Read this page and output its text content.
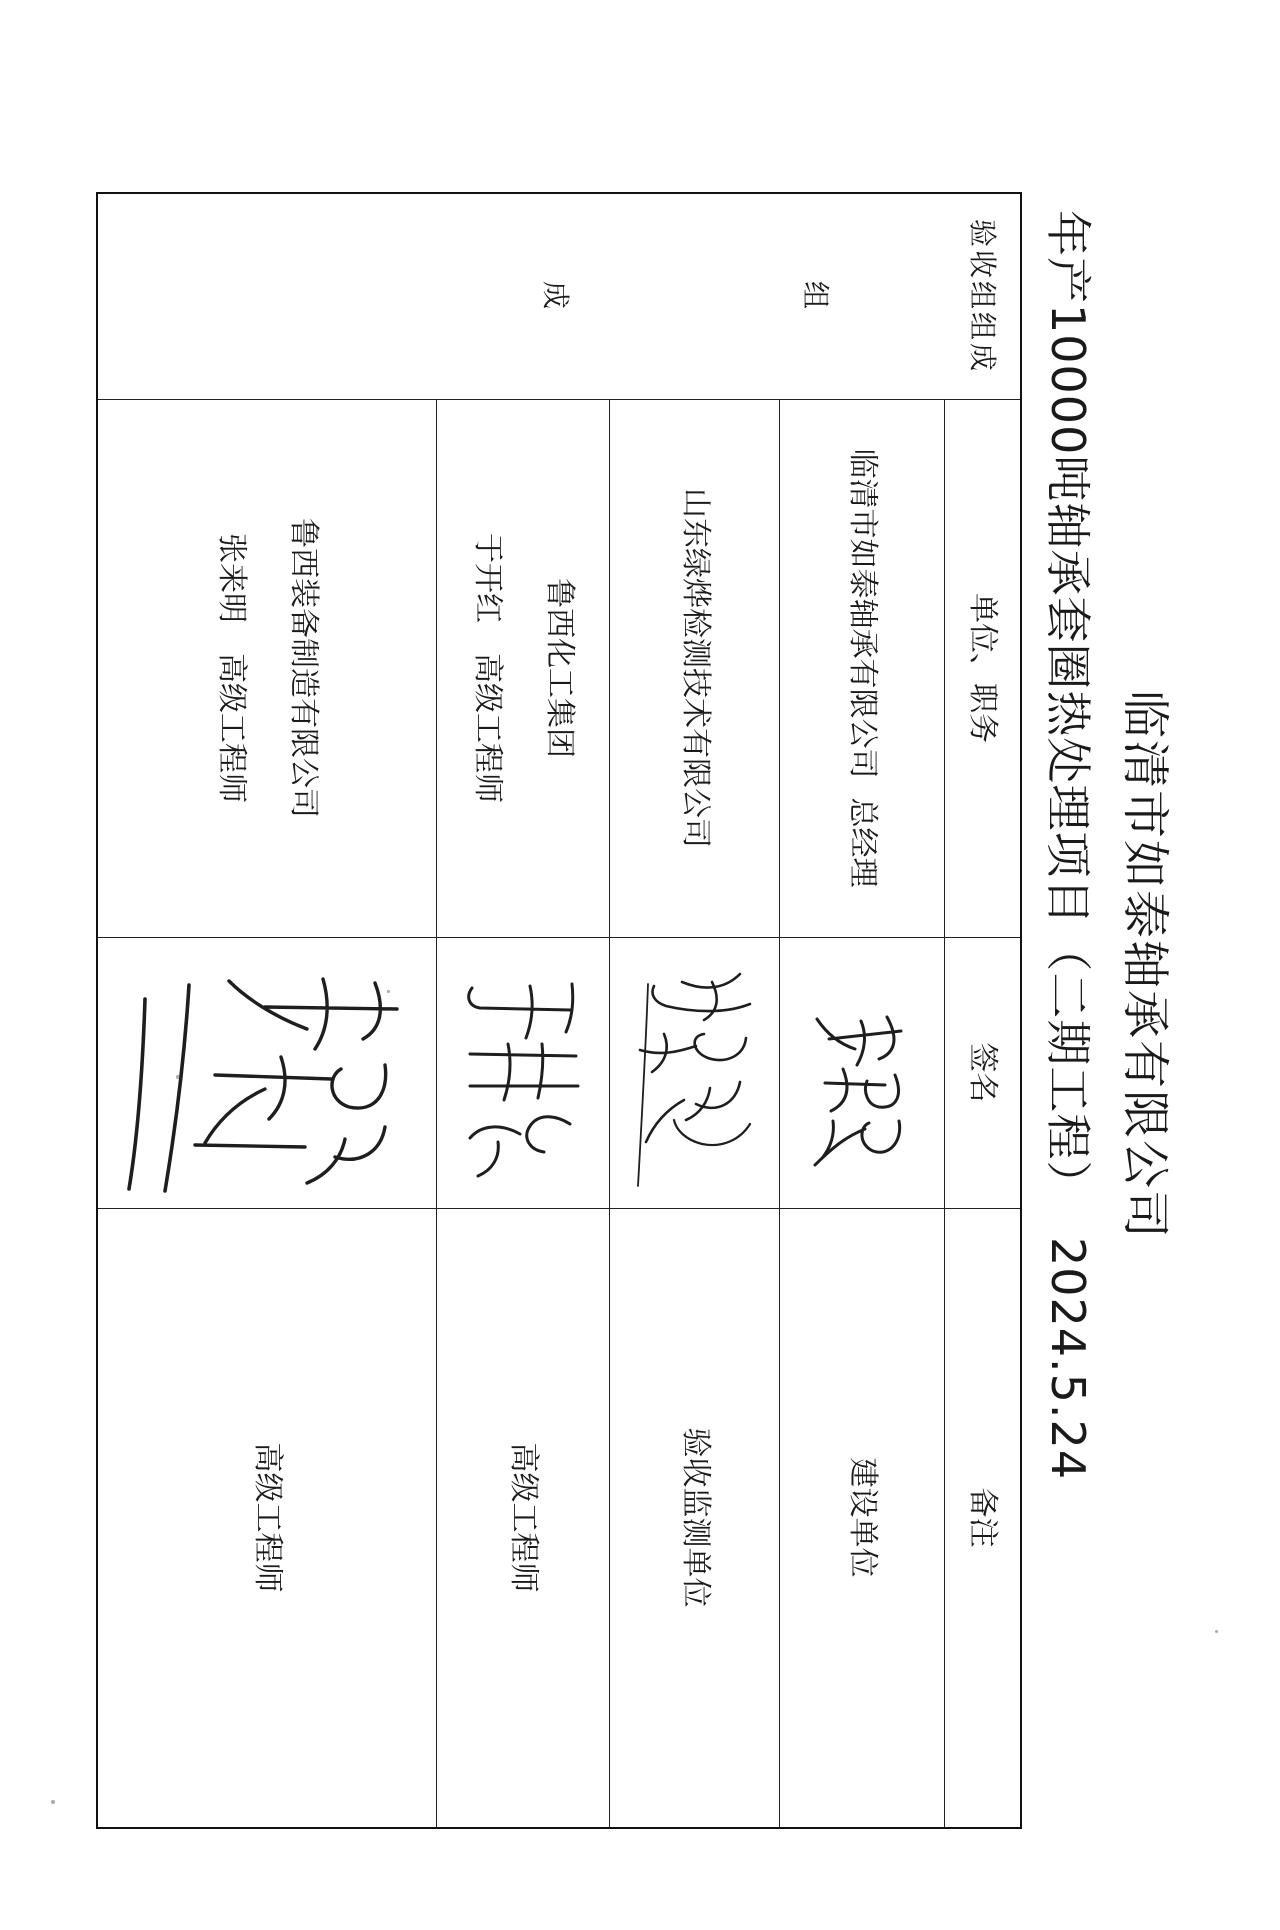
临清市如泰轴承有限公司
年产10000吨轴承套圈热处理项目（二期工程） 2024.5.24
验收组组成
组
成
单位、职务
签名
备注
临清市如泰轴承有限公司  总经理
建设单位
山东绿烨检测技术有限公司
验收监测单位
鲁西化工集团
于开红　高级工程师
高级工程师
鲁西装备制造有限公司
张来明　高级工程师
高级工程师
